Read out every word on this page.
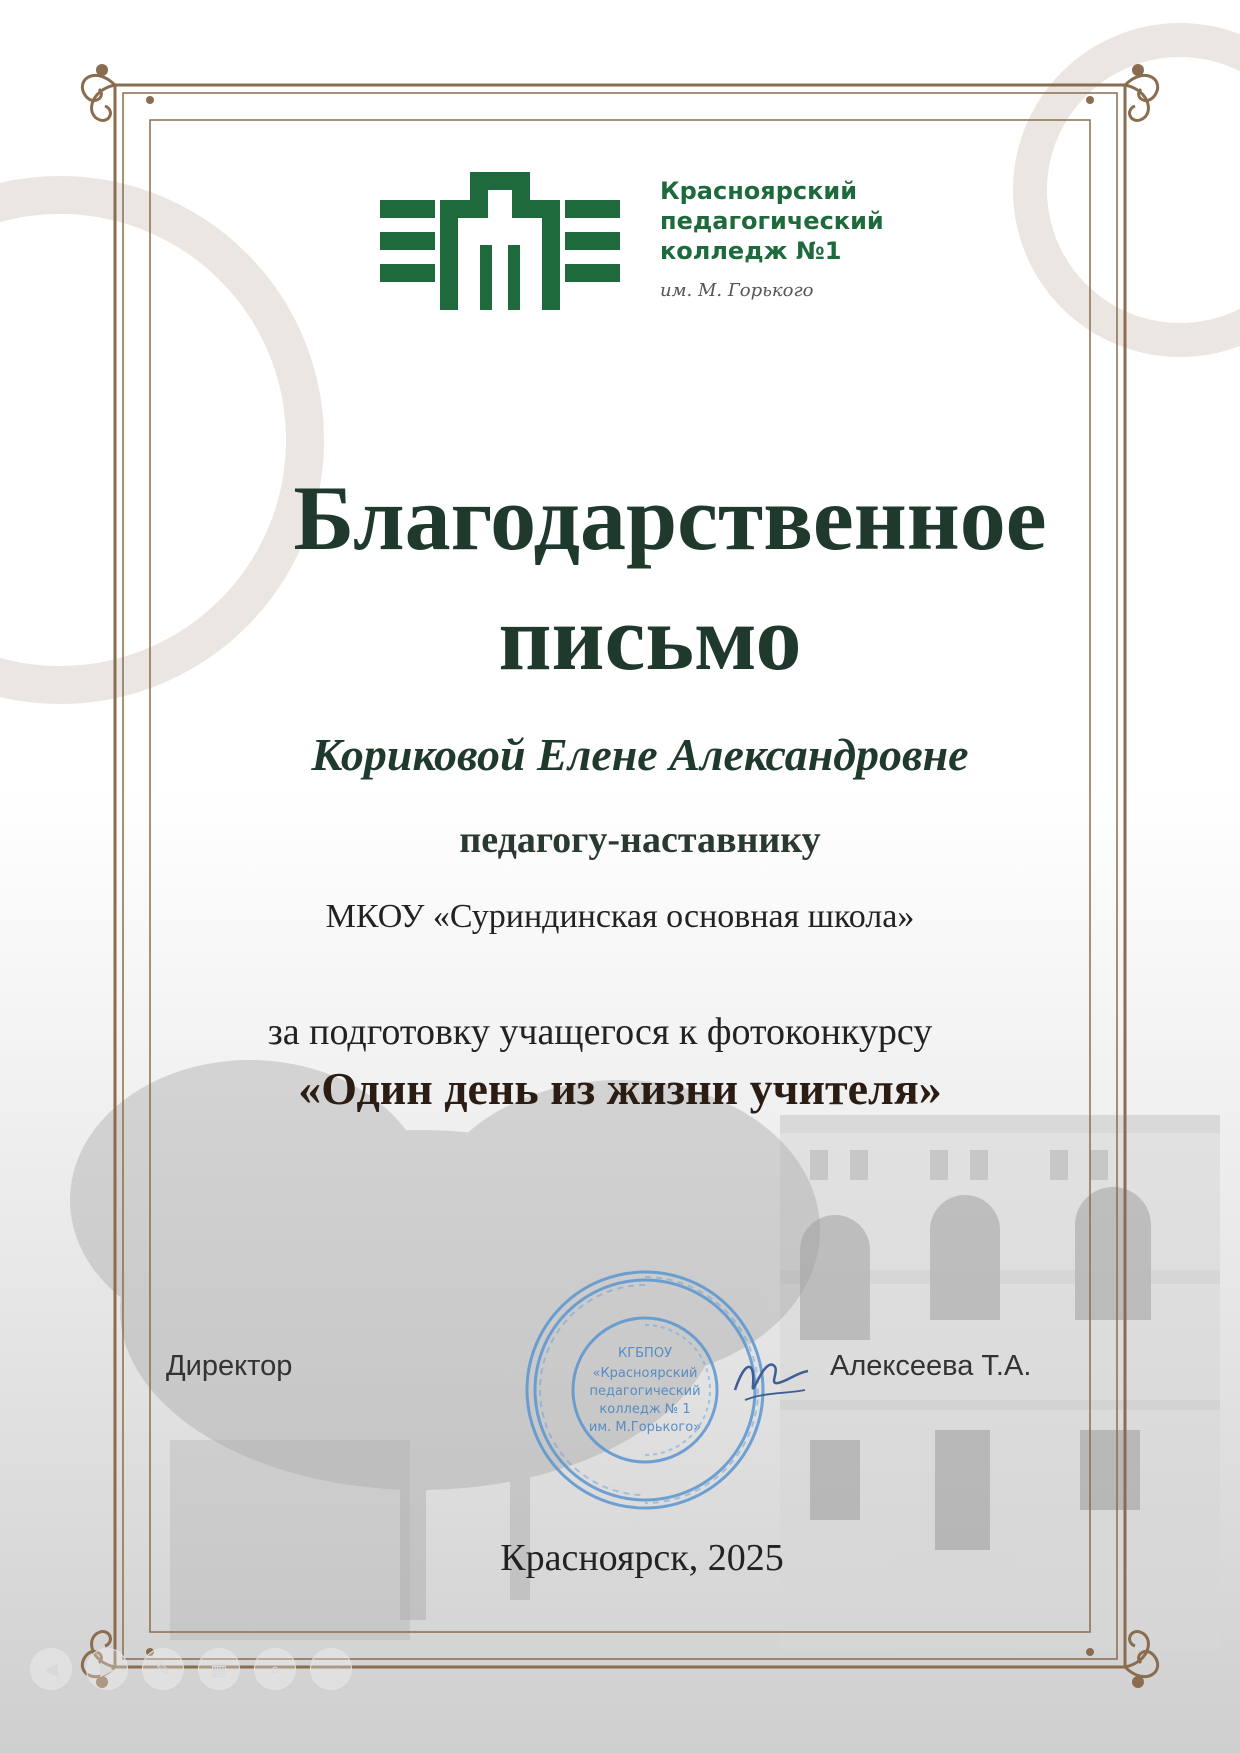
Красноярский
педагогический
колледж №1
им. М. Горького
Благодарственное
письмо
Кориковой Елене Александровне
педагогу-наставнику
МКОУ «Суриндинская основная школа»
за подготовку учащегося к фотоконкурсу
«Один день из жизни учителя»
Директор	КГБПОУ
«Красноярский
педагогический
колледж № 1
им. М.Горького»
Алексеева Т.А.
Красноярск, 2025
◀	▶	✎	▦	⌕	⋯
